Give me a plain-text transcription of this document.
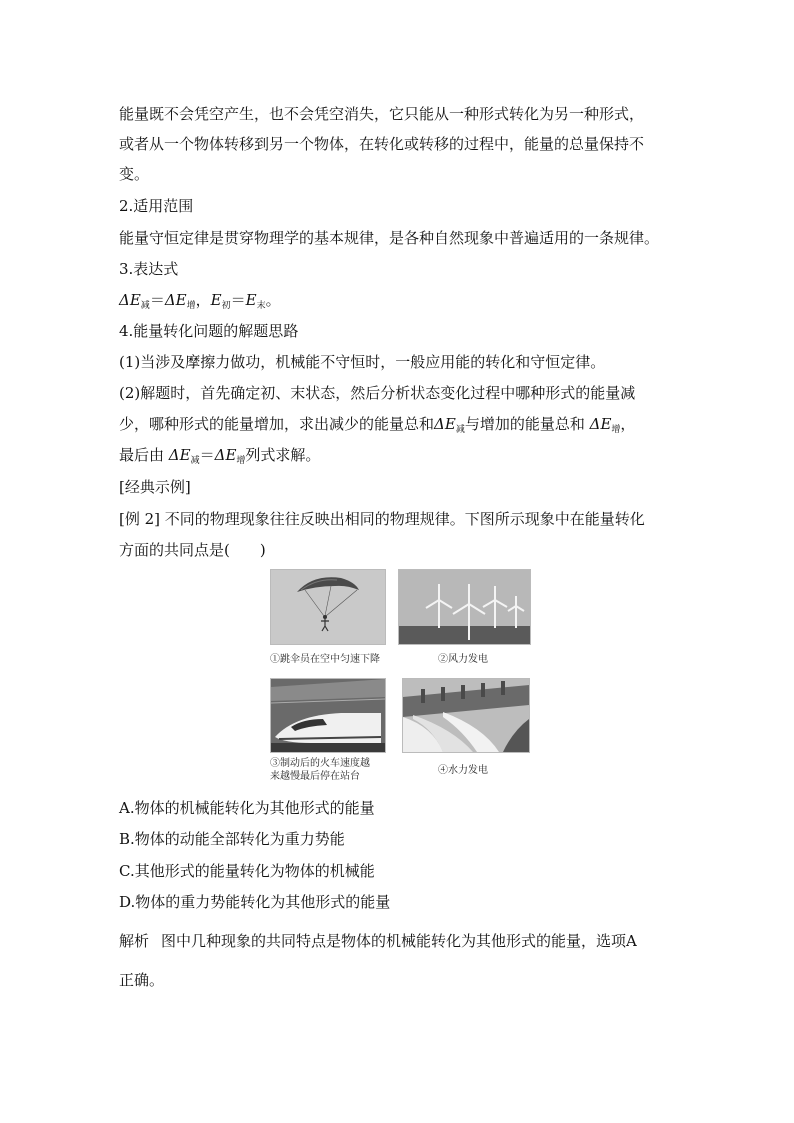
能量既不会凭空产生，也不会凭空消失，它只能从一种形式转化为另一种形式，
或者从一个物体转移到另一个物体，在转化或转移的过程中，能量的总量保持不
变。
2.适用范围
能量守恒定律是贯穿物理学的基本规律，是各种自然现象中普遍适用的一条规律。
3.表达式
$\Delta E_减=\Delta E_增$，$E_初=E_末$。
4.能量转化问题的解题思路
(1)当涉及摩擦力做功，机械能不守恒时，一般应用能的转化和守恒定律。
(2)解题时，首先确定初、末状态，然后分析状态变化过程中哪种形式的能量减
少，哪种形式的能量增加，求出减少的能量总和$\Delta E_减$与增加的能量总和 $\Delta E_增$，
最后由 $\Delta E_减=\Delta E_增$列式求解。
[经典示例]
[例 2] 不同的物理现象往往反映出相同的物理规律。下图所示现象中在能量转化
方面的共同点是(　　)
①跳伞员在空中匀速下降	②风力发电
③制动后的火车速度越
来越慢最后停在站台
④水力发电
A.物体的机械能转化为其他形式的能量
B.物体的动能全部转化为重力势能
C.其他形式的能量转化为物体的机械能
D.物体的重力势能转化为其他形式的能量
解析 图中几种现象的共同特点是物体的机械能转化为其他形式的能量，选项A
正确。
